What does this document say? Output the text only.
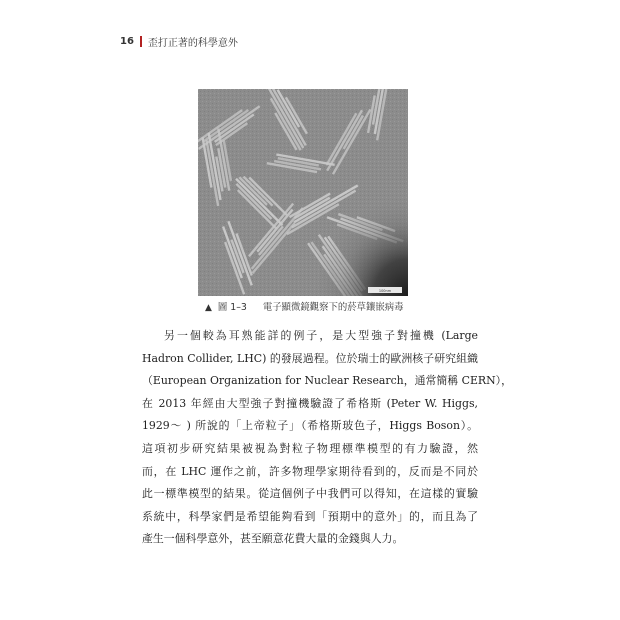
16 歪打正著的科學意外
100nm
▲ 圖 1–3 電子顯微鏡觀察下的菸草鑲嵌病毒
另一個較為耳熟能詳的例子，是大型強子對撞機 (Large
Hadron Collider, LHC) 的發展過程。位於瑞士的歐洲核子研究組織
（European Organization for Nuclear Research，通常簡稱 CERN），
在 2013 年經由大型強子對撞機驗證了希格斯 (Peter W. Higgs,
1929～ ) 所說的「上帝粒子」（希格斯玻色子，Higgs Boson）。
這項初步研究結果被視為對粒子物理標準模型的有力驗證，然
而，在 LHC 運作之前，許多物理學家期待看到的，反而是不同於
此一標準模型的結果。從這個例子中我們可以得知，在這樣的實驗
系統中，科學家們是希望能夠看到「預期中的意外」的，而且為了
產生一個科學意外，甚至願意花費大量的金錢與人力。
